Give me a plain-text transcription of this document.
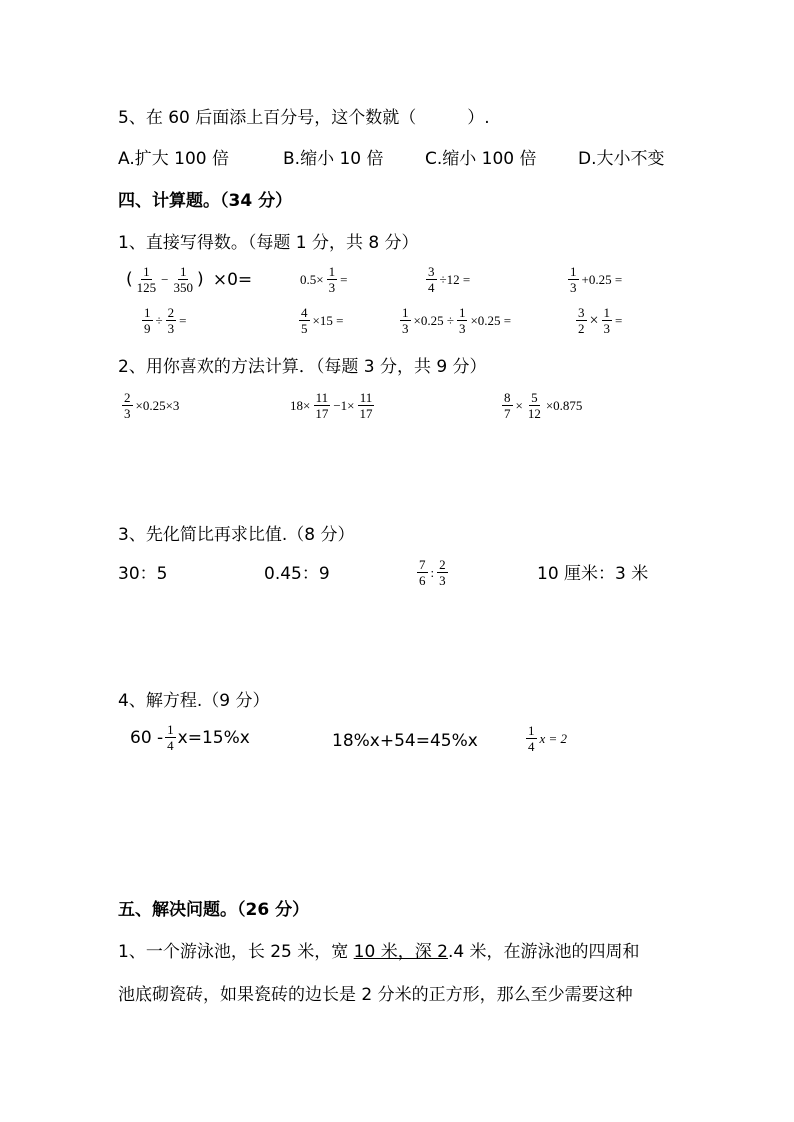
5、在 60 后面添上百分号，这个数就（　　　）.
A.扩大 100 倍	B.缩小 10 倍 C.缩小 100 倍 D.大小不变
四、计算题。（34 分）
1、直接写得数。（每题 1 分，共 8 分）
( $\frac{1}{125} - \frac{1}{350}$ ) ×0=	$0.5\times \frac{1}{3}$ =	$\frac{3}{4} \div 12$ =	$\frac{1}{3} +0.25$ =
$\frac{1}{9} \div \frac{2}{3}$ =	$\frac{4}{5} \times 15$ =	$\frac{1}{3} \times 0.25 \div \frac{1}{3} \times 0.25$ =	$\frac{3}{2} \times \frac{1}{3}$ =
2、用你喜欢的方法计算．（每题 3 分，共 9 分）
$\frac{2}{3} \times 0.25\times 3$	$18\times \frac{11}{17} -1\times \frac{11}{17}$	$\frac{8}{7} \times \frac{5}{12} \times 0.875$
3、先化简比再求比值.（8 分）
30：5	0.45：9	$\frac{7}{6}$ : $\frac{2}{3}$	10 厘米：3 米
4、解方程.（9 分）
$60 - \frac{1}{4} x=15\%x$	18%x+54=45%x	$\frac{1}{4}$ x = 2
五、解决问题。（26 分）
1、一个游泳池，长 25 米，宽 10 米，深 2.4 米，在游泳池的四周和
池底砌瓷砖，如果瓷砖的边长是 2 分米的正方形，那么至少需要这种
